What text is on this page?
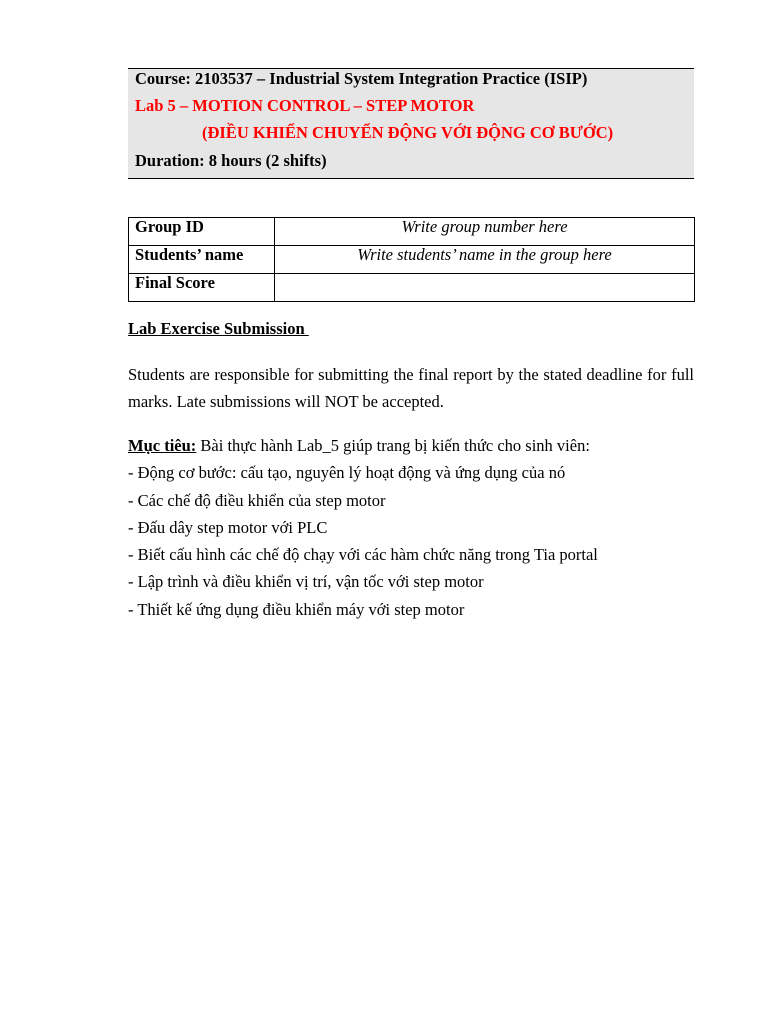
Course: 2103537 – Industrial System Integration Practice (ISIP)
Lab 5 – MOTION CONTROL – STEP MOTOR
(ĐIỀU KHIỂN CHUYỂN ĐỘNG VỚI ĐỘNG CƠ BƯỚC)
Duration: 8 hours (2 shifts)
Group ID	Write group number here
Students’ name	Write students’ name in the group here
Final Score	
Lab Exercise Submission
Students are responsible for submitting the final report by the stated deadline for full marks. Late submissions will NOT be accepted.
Mục tiêu: Bài thực hành Lab_5 giúp trang bị kiến thức cho sinh viên:
- Động cơ bước: cấu tạo, nguyên lý hoạt động và ứng dụng của nó
- Các chế độ điều khiển của step motor
- Đấu dây step motor với PLC
- Biết cấu hình các chế độ chạy với các hàm chức năng trong Tia portal
- Lập trình và điều khiển vị trí, vận tốc với step motor
- Thiết kế ứng dụng điều khiển máy với step motor
